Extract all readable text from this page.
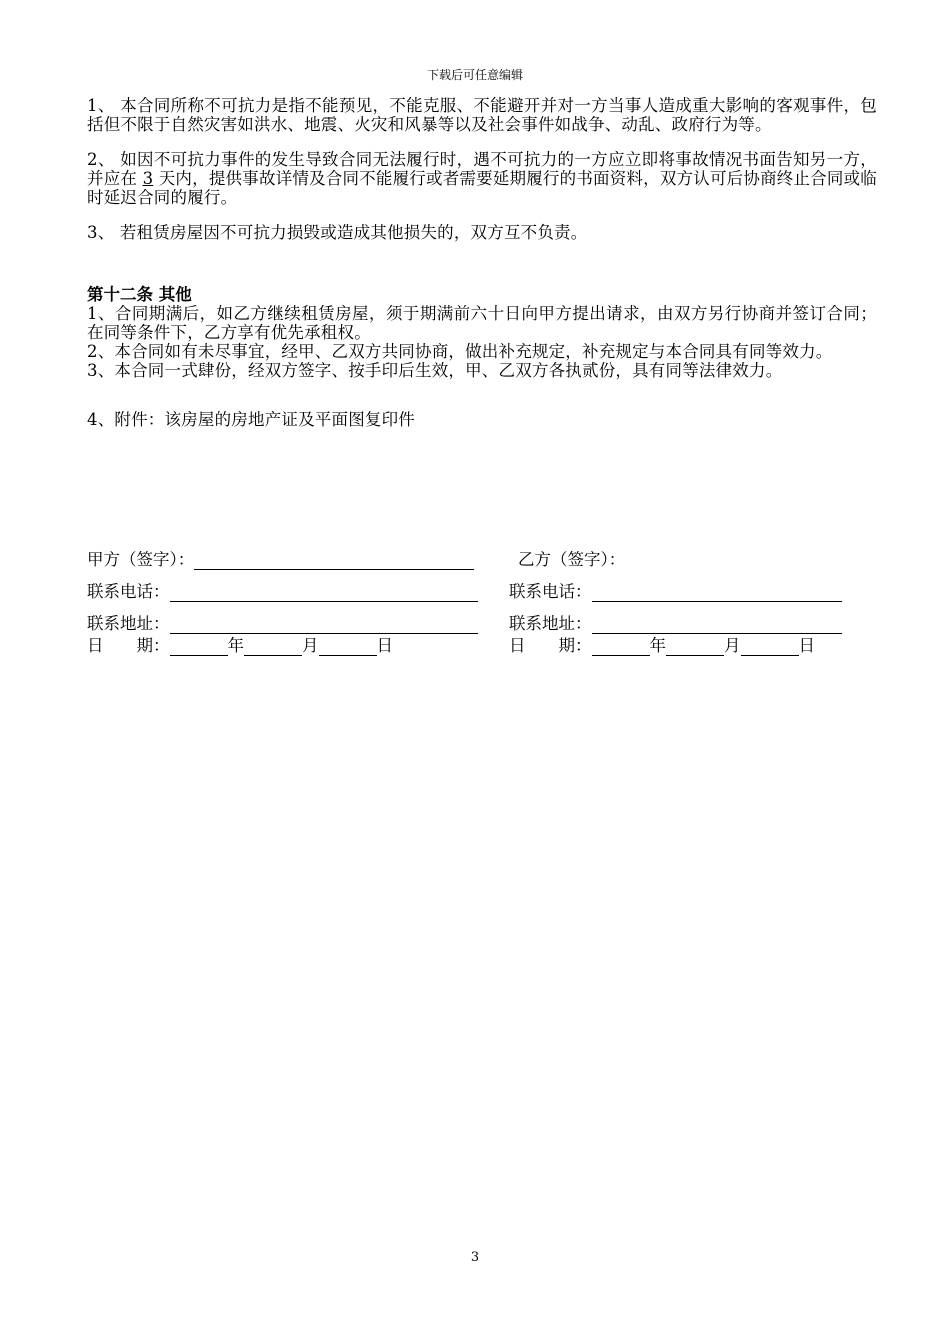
下载后可任意编辑

1、 本合同所称不可抗力是指不能预见，不能克服、不能避开并对一方当事人造成重大影响的客观事件，包括但不限于自然灾害如洪水、地震、火灾和风暴等以及社会事件如战争、动乱、政府行为等。

2、 如因不可抗力事件的发生导致合同无法履行时，遇不可抗力的一方应立即将事故情况书面告知另一方，并应在 3 天内，提供事故详情及合同不能履行或者需要延期履行的书面资料，双方认可后协商终止合同或临时延迟合同的履行。

3、 若租赁房屋因不可抗力损毁或造成其他损失的，双方互不负责。

第十二条 其他

1、合同期满后，如乙方继续租赁房屋，须于期满前六十日向甲方提出请求，由双方另行协商并签订合同；在同等条件下，乙方享有优先承租权。

2、本合同如有未尽事宜，经甲、乙双方共同协商，做出补充规定，补充规定与本合同具有同等效力。

3、本合同一式肆份，经双方签字、按手印后生效，甲、乙双方各执贰份，具有同等法律效力。

4、附件：该房屋的房地产证及平面图复印件

甲方（签字）：	乙方（签字）：
联系电话：	联系电话：
联系地址：	联系地址：
日　　期：	年	月	日	日　　期：	年	月	日
3
